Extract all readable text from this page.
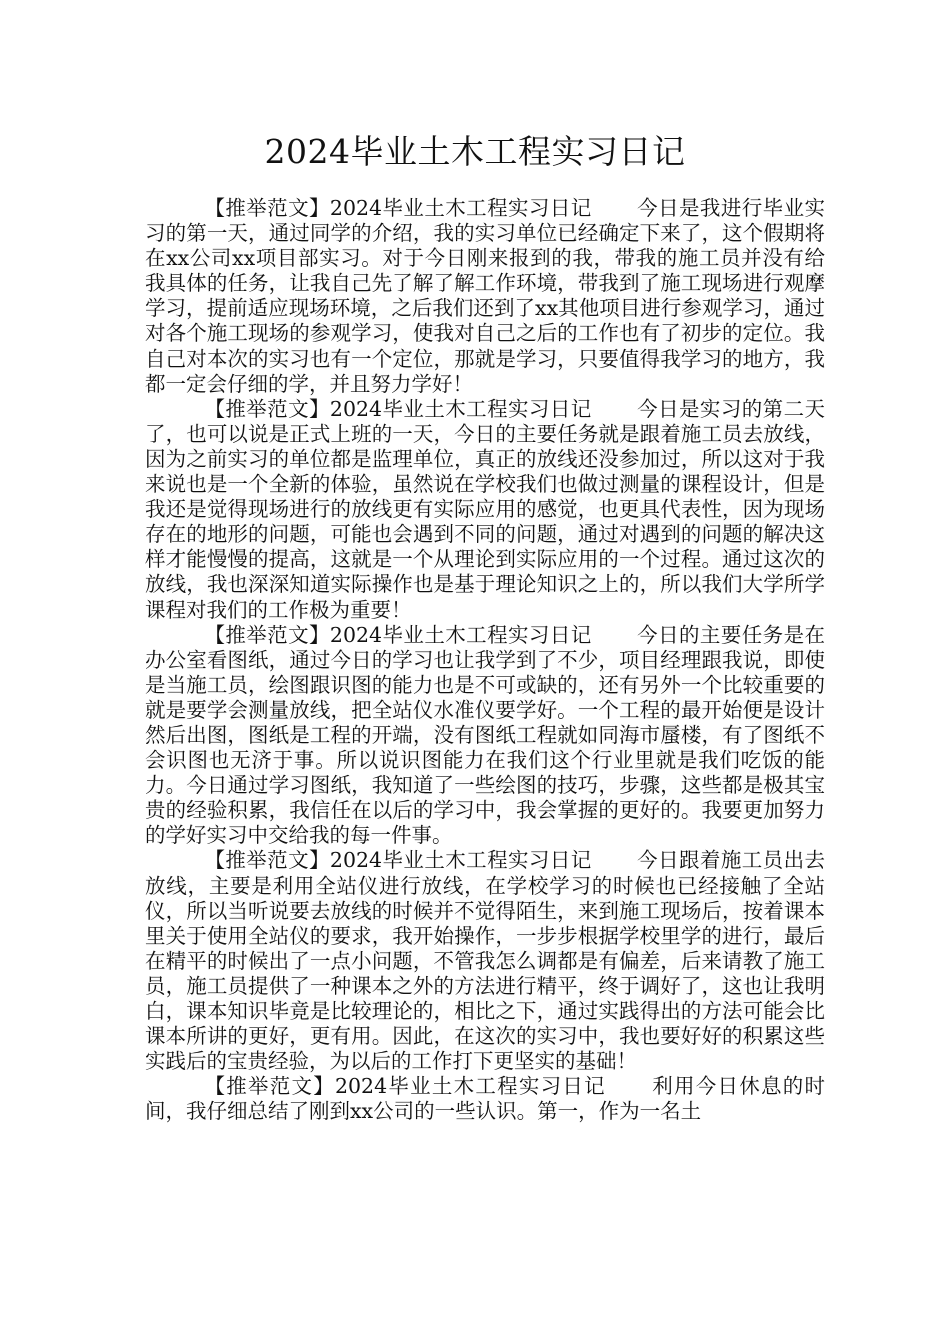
2024毕业土木工程实习日记

【推举范文】2024毕业土木工程实习日记 今日是我进行毕业实习的第一天，通过同学的介绍，我的实习单位已经确定下来了，这个假期将在xx公司xx项目部实习。对于今日刚来报到的我，带我的施工员并没有给我具体的任务，让我自己先了解了解工作环境，带我到了施工现场进行观摩学习，提前适应现场环境，之后我们还到了xx其他项目进行参观学习，通过对各个施工现场的参观学习，使我对自己之后的工作也有了初步的定位。我自己对本次的实习也有一个定位，那就是学习，只要值得我学习的地方，我都一定会仔细的学，并且努力学好！

【推举范文】2024毕业土木工程实习日记 今日是实习的第二天了，也可以说是正式上班的一天，今日的主要任务就是跟着施工员去放线，因为之前实习的单位都是监理单位，真正的放线还没参加过，所以这对于我来说也是一个全新的体验，虽然说在学校我们也做过测量的课程设计，但是我还是觉得现场进行的放线更有实际应用的感觉，也更具代表性，因为现场存在的地形的问题，可能也会遇到不同的问题，通过对遇到的问题的解决这样才能慢慢的提高，这就是一个从理论到实际应用的一个过程。通过这次的放线，我也深深知道实际操作也是基于理论知识之上的，所以我们大学所学课程对我们的工作极为重要！

【推举范文】2024毕业土木工程实习日记 今日的主要任务是在办公室看图纸，通过今日的学习也让我学到了不少，项目经理跟我说，即使是当施工员，绘图跟识图的能力也是不可或缺的，还有另外一个比较重要的就是要学会测量放线，把全站仪水准仪要学好。一个工程的最开始便是设计然后出图，图纸是工程的开端，没有图纸工程就如同海市蜃楼，有了图纸不会识图也无济于事。所以说识图能力在我们这个行业里就是我们吃饭的能力。今日通过学习图纸，我知道了一些绘图的技巧，步骤，这些都是极其宝贵的经验积累，我信任在以后的学习中，我会掌握的更好的。我要更加努力的学好实习中交给我的每一件事。

【推举范文】2024毕业土木工程实习日记 今日跟着施工员出去放线，主要是利用全站仪进行放线，在学校学习的时候也已经接触了全站仪，所以当听说要去放线的时候并不觉得陌生，来到施工现场后，按着课本里关于使用全站仪的要求，我开始操作，一步步根据学校里学的进行，最后在精平的时候出了一点小问题，不管我怎么调都是有偏差，后来请教了施工员，施工员提供了一种课本之外的方法进行精平，终于调好了，这也让我明白，课本知识毕竟是比较理论的，相比之下，通过实践得出的方法可能会比课本所讲的更好，更有用。因此，在这次的实习中，我也要好好的积累这些实践后的宝贵经验，为以后的工作打下更坚实的基础！

【推举范文】2024毕业土木工程实习日记 利用今日休息的时间，我仔细总结了刚到xx公司的一些认识。第一，作为一名土
